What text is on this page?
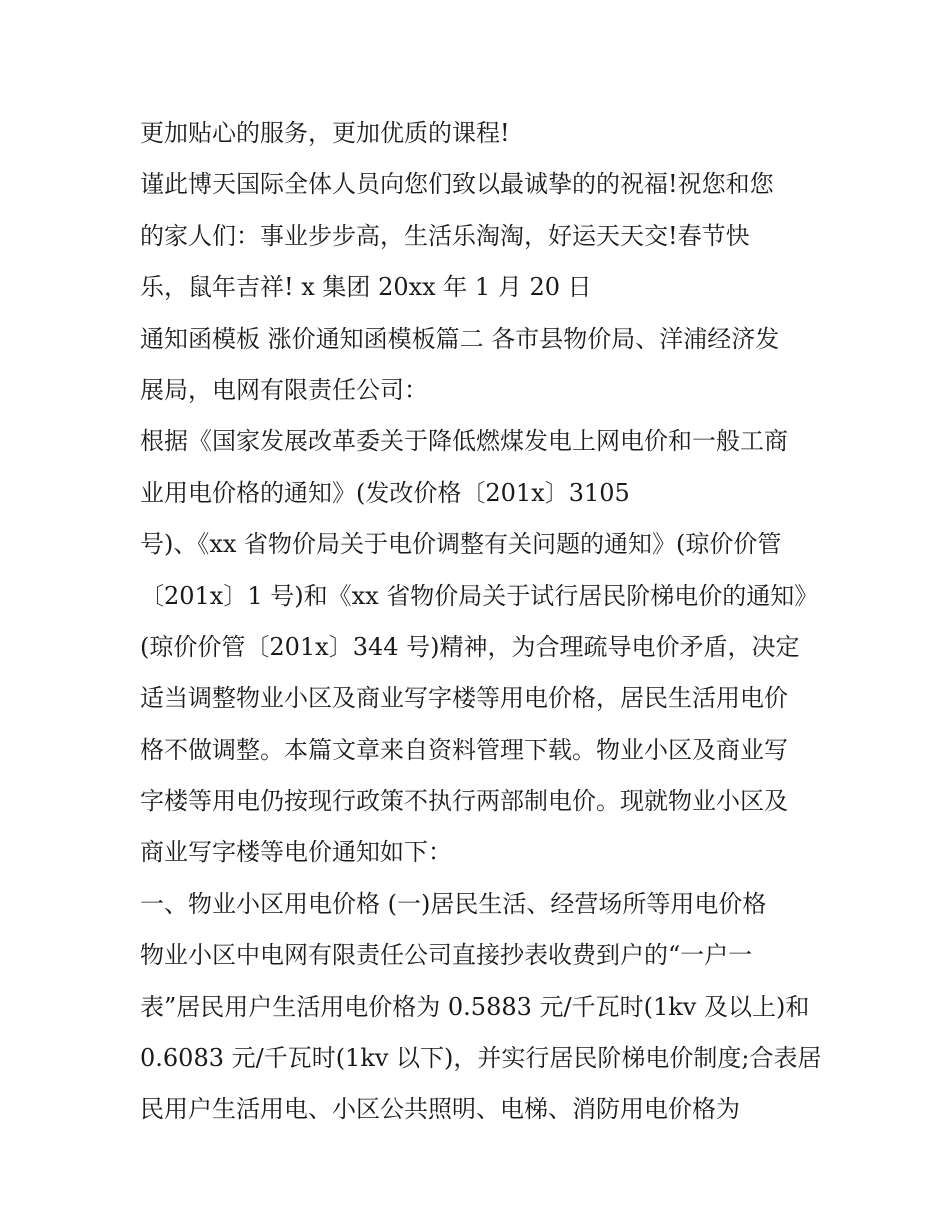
更加贴心的服务，更加优质的课程!
谨此博天国际全体人员向您们致以最诚挚的的祝福!祝您和您
的家人们：事业步步高，生活乐淘淘，好运天天交!春节快
乐，鼠年吉祥! x 集团 20xx 年 1 月 20 日
通知函模板 涨价通知函模板篇二 各市县物价局、洋浦经济发
展局，电网有限责任公司：
根据《国家发展改革委关于降低燃煤发电上网电价和一般工商
业用电价格的通知》(发改价格〔201x〕3105
号)、《xx 省物价局关于电价调整有关问题的通知》(琼价价管
〔201x〕1 号)和《xx 省物价局关于试行居民阶梯电价的通知》
(琼价价管〔201x〕344 号)精神，为合理疏导电价矛盾，决定
适当调整物业小区及商业写字楼等用电价格，居民生活用电价
格不做调整。本篇文章来自资料管理下载。物业小区及商业写
字楼等用电仍按现行政策不执行两部制电价。现就物业小区及
商业写字楼等电价通知如下：
一、物业小区用电价格 (一)居民生活、经营场所等用电价格
物业小区中电网有限责任公司直接抄表收费到户的“一户一
表”居民用户生活用电价格为 0.5883 元/千瓦时(1kv 及以上)和
0.6083 元/千瓦时(1kv 以下)，并实行居民阶梯电价制度;合表居
民用户生活用电、小区公共照明、电梯、消防用电价格为
